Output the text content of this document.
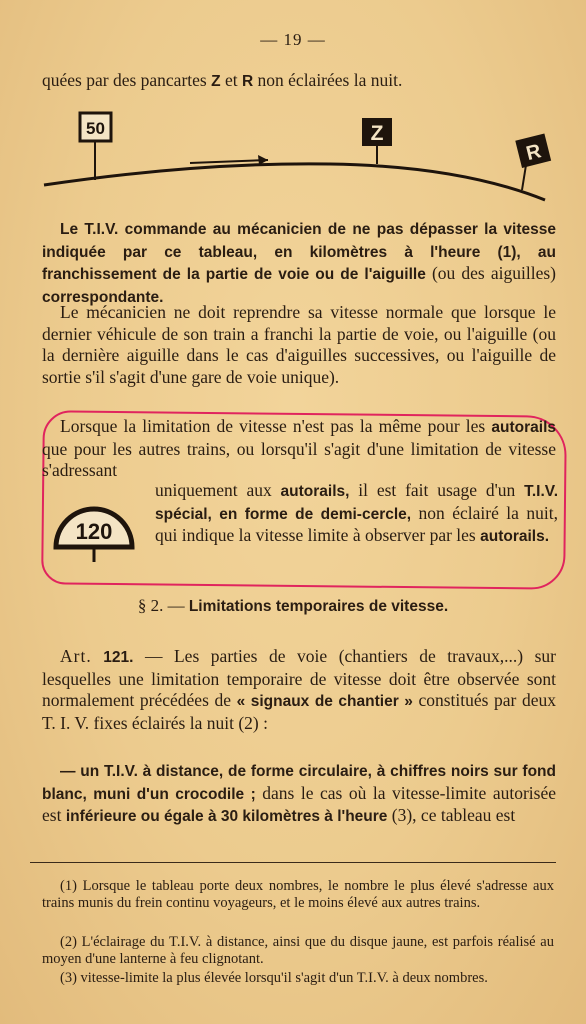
— 19 —

quées par des pancartes Z et R non éclairées la nuit.

50	Z
R

Le T.I.V. commande au mécanicien de ne pas dépasser la vitesse indiquée par ce tableau, en kilomètres à l'heure (1), au franchissement de la partie de voie ou de l'aiguille (ou des aiguilles) correspondante.

Le mécanicien ne doit reprendre sa vitesse normale que lorsque le dernier véhicule de son train a franchi la partie de voie, ou l'aiguille (ou la dernière aiguille dans le cas d'aiguilles successives, ou l'aiguille de sortie s'il s'agit d'une gare de voie unique).

Lorsque la limitation de vitesse n'est pas la même pour les autorails que pour les autres trains, ou lorsqu'il s'agit d'une limitation de vitesse s'adressant

120

uniquement aux autorails, il est fait usage d'un T.I.V. spécial, en forme de demi-cercle, non éclairé la nuit, qui indique la vitesse limite à observer par les autorails.

§ 2. — Limitations temporaires de vitesse.

Art. 121. — Les parties de voie (chantiers de travaux,...) sur lesquelles une limitation temporaire de vitesse doit être observée sont normalement précédées de « signaux de chantier » constitués par deux T. I. V. fixes éclairés la nuit (2) :

— un T.I.V. à distance, de forme circulaire, à chiffres noirs sur fond blanc, muni d'un crocodile ; dans le cas où la vitesse-limite autorisée est inférieure ou égale à 30 kilomètres à l'heure (3), ce tableau est

(1) Lorsque le tableau porte deux nombres, le nombre le plus élevé s'adresse aux trains munis du frein continu voyageurs, et le moins élevé aux autres trains.

(2) L'éclairage du T.I.V. à distance, ainsi que du disque jaune, est parfois réalisé au moyen d'une lanterne à feu clignotant.

(3) vitesse-limite la plus élevée lorsqu'il s'agit d'un T.I.V. à deux nombres.
